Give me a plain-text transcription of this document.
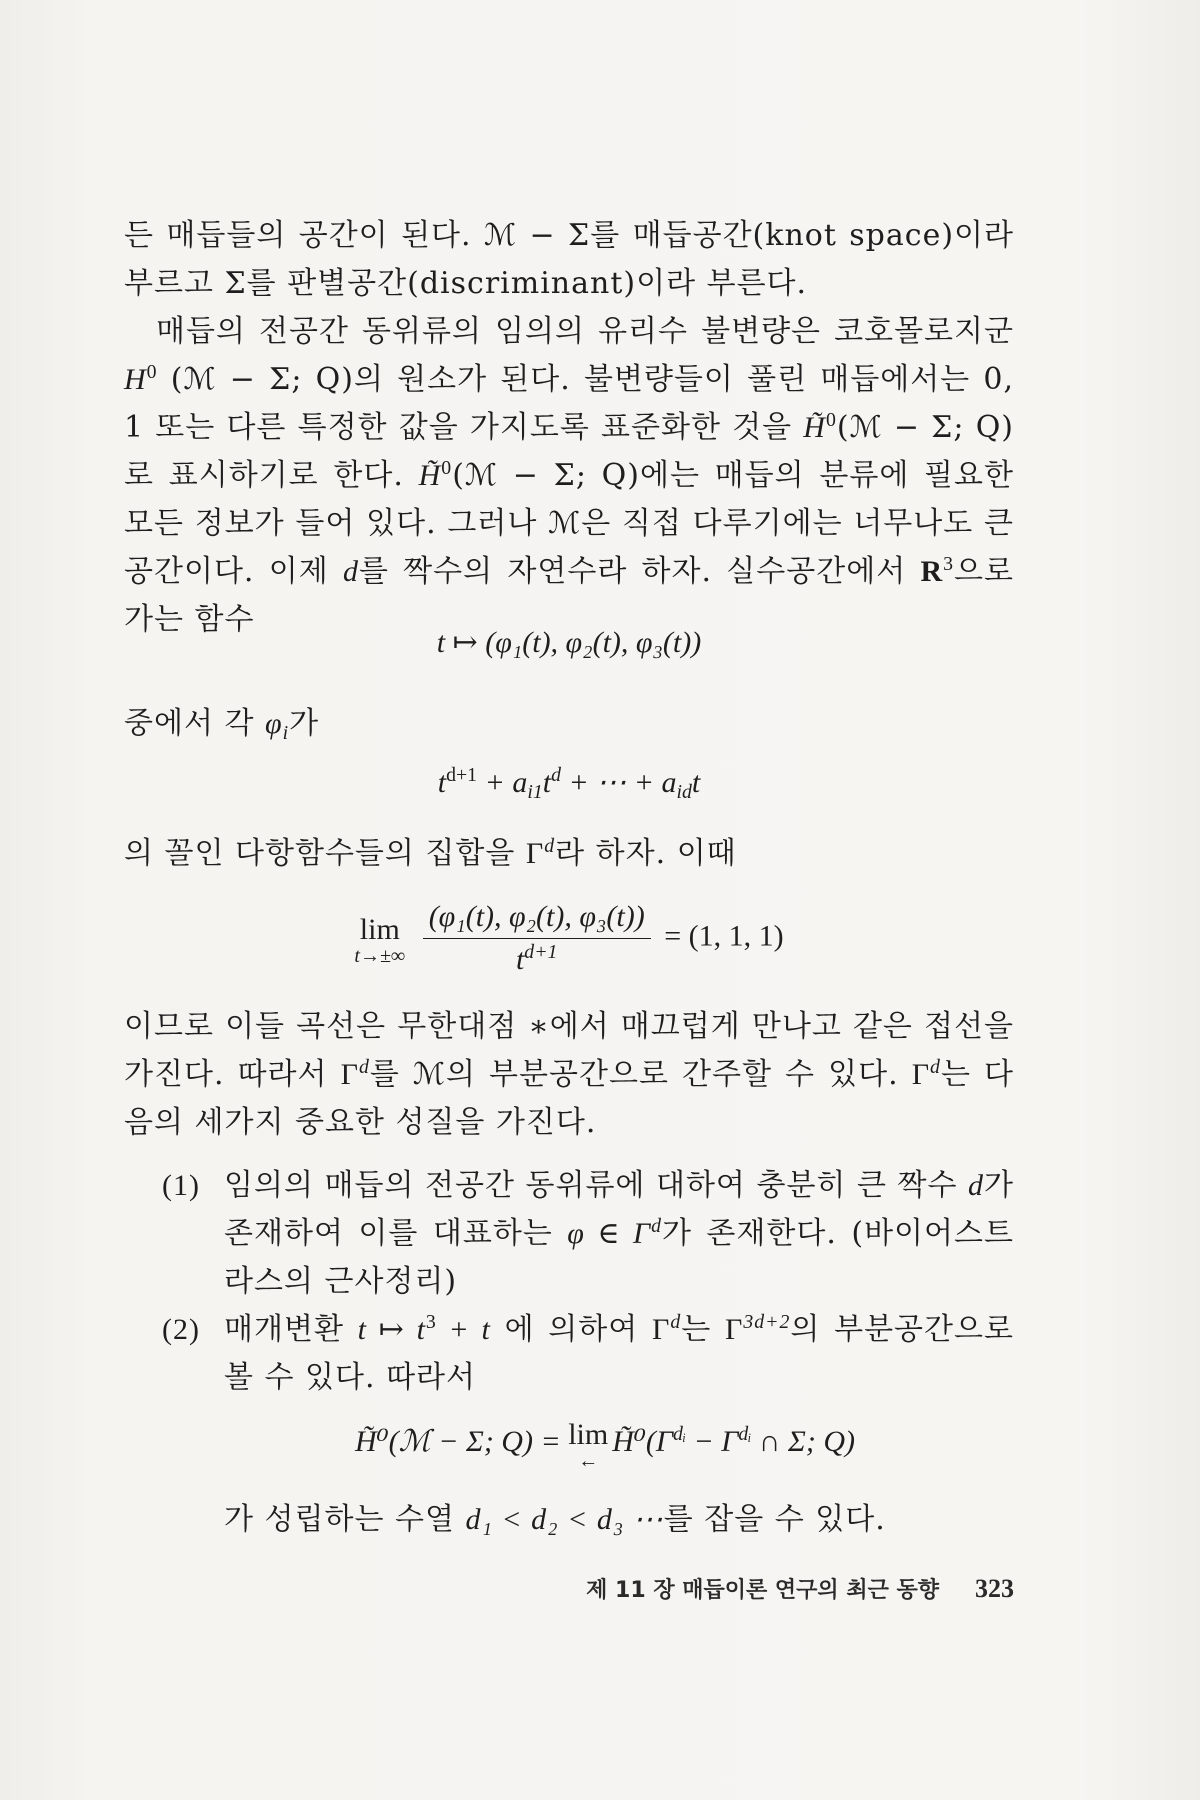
든 매듭들의 공간이 된다. ℳ − Σ를 매듭공간(knot space)이라 부르고 Σ를 판별공간(discriminant)이라 부른다.

매듭의 전공간 동위류의 임의의 유리수 불변량은 코호몰로지군 $H^0$ (ℳ − Σ; Q)의 원소가 된다. 불변량들이 풀린 매듭에서는 0, 1 또는 다른 특정한 값을 가지도록 표준화한 것을 H̃$^0$(ℳ − Σ; Q)로 표시하기로 한다. H̃$^0$(ℳ − Σ; Q)에는 매듭의 분류에 필요한 모든 정보가 들어 있다. 그러나 ℳ은 직접 다루기에는 너무나도 큰 공간이다. 이제 d를 짝수의 자연수라 하자. 실수공간에서 $R^3$으로 가는 함수

t ↦ (φ₁(t), φ₂(t), φ₃(t))

중에서 각 $\varphi_i$가

$t^{d+1} + a_{i1}t^d$ + ⋯ + $a_{id}t$

의 꼴인 다항함수들의 집합을 $\Gamma^d$라 하자. 이때

lim
t→±∞
$\frac{\text{(φ₁(t), φ₂(t), φ₃(t))}}{t^{d+1}} = (1$, 1, 1)

이므로 이들 곡선은 무한대점 ∗에서 매끄럽게 만나고 같은 접선을 가진다. 따라서 $\Gamma^d$를 ℳ의 부분공간으로 간주할 수 있다. $\Gamma^d$는 다음의 세가지 중요한 성질을 가진다.

(1) 임의의 매듭의 전공간 동위류에 대하여 충분히 큰 짝수 d가 존재하여 이를 대표하는 φ ∈ $\Gamma^d$가 존재한다. (바이어스트라스의 근사정리)
(2) 매개변환 t ↦ $t^3 + t$ 에 의하여 $\Gamma^d$는 $\Gamma^{3d+2}$의 부분공간으로 볼 수 있다. 따라서
H̃⁰(ℳ − Σ; Q) = lim
←
$H̃^0(\Gamma^{dᵢ} - \Gamma^{dᵢ}$ ∩ Σ; Q)
가 성립하는 수열 d₁ < d₂ < d₃ ⋯를 잡을 수 있다.
제 11 장 매듭이론 연구의 최근 동향 323
